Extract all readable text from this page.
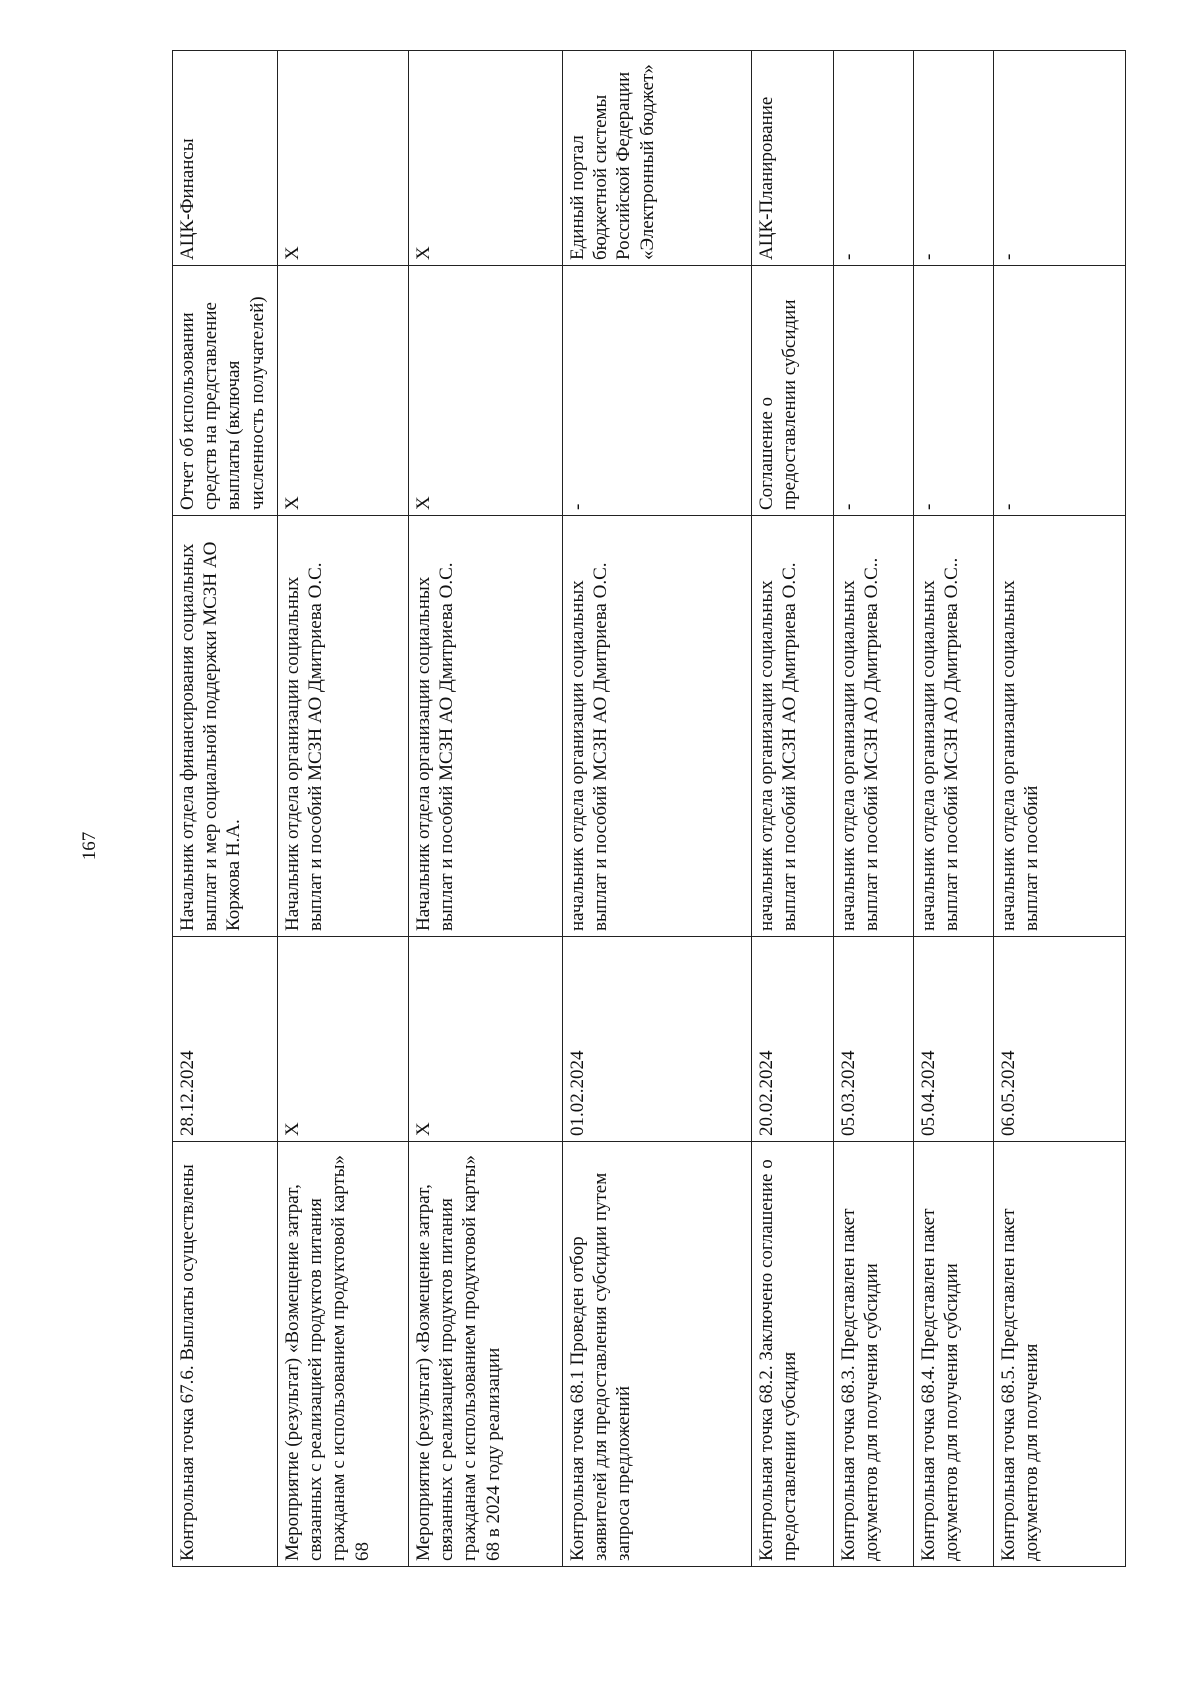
167
Контрольная точка 67.6. Выплаты осуществлены	28.12.2024	Начальник отдела финансирования социальных выплат и мер социальной поддержки МСЗН АО Коржова Н.А.	Отчет об использовании средств на представление выплаты (включая численность получателей)	АЦК-Финансы
Мероприятие (результат) «Возмещение затрат, связанных с реализацией продуктов питания гражданам с использованием продуктовой карты» 68	X	Начальник отдела организации социальных выплат и пособий МСЗН АО Дмитриева О.С.	X	X
Мероприятие (результат) «Возмещение затрат, связанных с реализацией продуктов питания гражданам с использованием продуктовой карты» 68 в 2024 году реализации	X	Начальник отдела организации социальных выплат и пособий МСЗН АО Дмитриева О.С.	X	X
Контрольная точка 68.1 Проведен отбор заявителей для предоставления субсидии путем запроса предложений	01.02.2024	начальник отдела организации социальных выплат и пособий МСЗН АО Дмитриева О.С.	-	Единый портал бюджетной системы Российской Федерации «Электронный бюджет»
Контрольная точка 68.2. Заключено соглашение о предоставлении субсидия	20.02.2024	начальник отдела организации социальных выплат и пособий МСЗН АО Дмитриева О.С.	Соглашение о предоставлении субсидии	АЦК-Планирование
Контрольная точка 68.3. Представлен пакет документов для получения субсидии	05.03.2024	начальник отдела организации социальных выплат и пособий МСЗН АО Дмитриева О.С..	-	-
Контрольная точка 68.4. Представлен пакет документов для получения субсидии	05.04.2024	начальник отдела организации социальных выплат и пособий МСЗН АО Дмитриева О.С..	-	-
Контрольная точка 68.5. Представлен пакет документов для получения	06.05.2024	начальник отдела организации социальных выплат и пособий	-	-
